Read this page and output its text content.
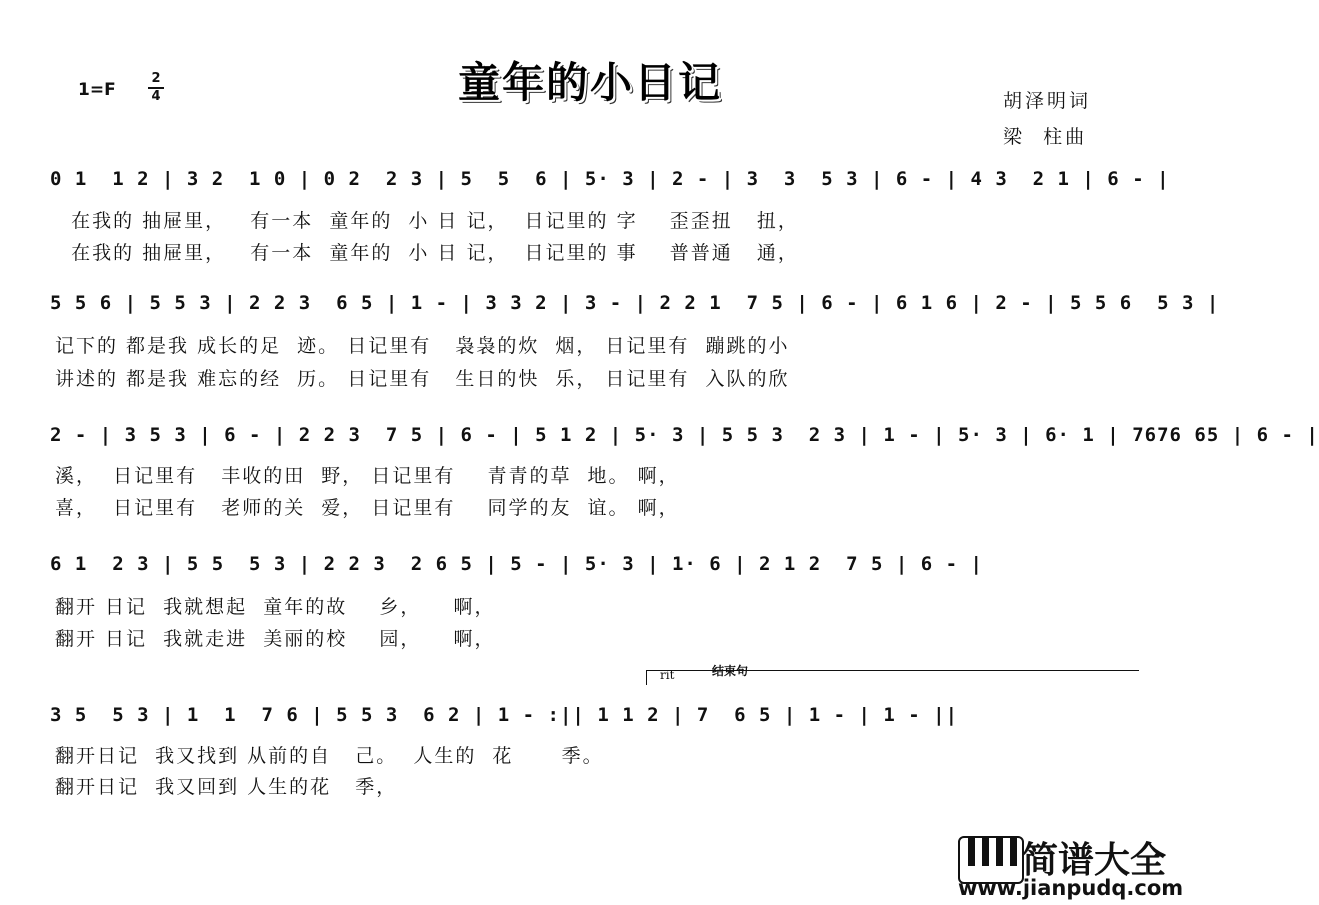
童年的小日记
1=F
2
4	胡泽明词
梁  柱曲
0 1  1 2 | 3 2  1 0 | 0 2  2 3 | 5  5  6 | 5· 3 | 2 - | 3  3  5 3 | 6 - | 4 3  2 1 | 6 - |
在我的 抽屉里，   有一本  童年的  小 日 记，  日记里的 字    歪歪扭   扭，
在我的 抽屉里，   有一本  童年的  小 日 记，  日记里的 事    普普通   通，
5 5 6 | 5 5 3 | 2 2 3  6 5 | 1 - | 3 3 2 | 3 - | 2 2 1  7 5 | 6 - | 6 1 6 | 2 - | 5 5 6  5 3 |
记下的 都是我 成长的足  迹。 日记里有   袅袅的炊  烟， 日记里有  蹦跳的小
讲述的 都是我 难忘的经  历。 日记里有   生日的快  乐， 日记里有  入队的欣
2 - | 3 5 3 | 6 - | 2 2 3  7 5 | 6 - | 5 1 2 | 5· 3 | 5 5 3  2 3 | 1 - | 5· 3 | 6· 1 | 7676 65 | 6 - |
溪，  日记里有   丰收的田  野， 日记里有    青青的草  地。 啊，
喜，  日记里有   老师的关  爱， 日记里有    同学的友  谊。 啊，
6 1  2 3 | 5 5  5 3 | 2 2 3  2 6 5 | 5 - | 5· 3 | 1· 6 | 2 1 2  7 5 | 6 - |
翻开 日记  我就想起  童年的故    乡，    啊，
翻开 日记  我就走进  美丽的校    园，    啊，
rit	结束句
3 5  5 3 | 1  1  7 6 | 5 5 3  6 2 | 1 - :|| 1 1 2 | 7  6 5 | 1 - | 1 - ||
翻开日记  我又找到 从前的自   己。  人生的  花      季。
翻开日记  我又回到 人生的花   季，
简谱大全
www.jianpudq.com
